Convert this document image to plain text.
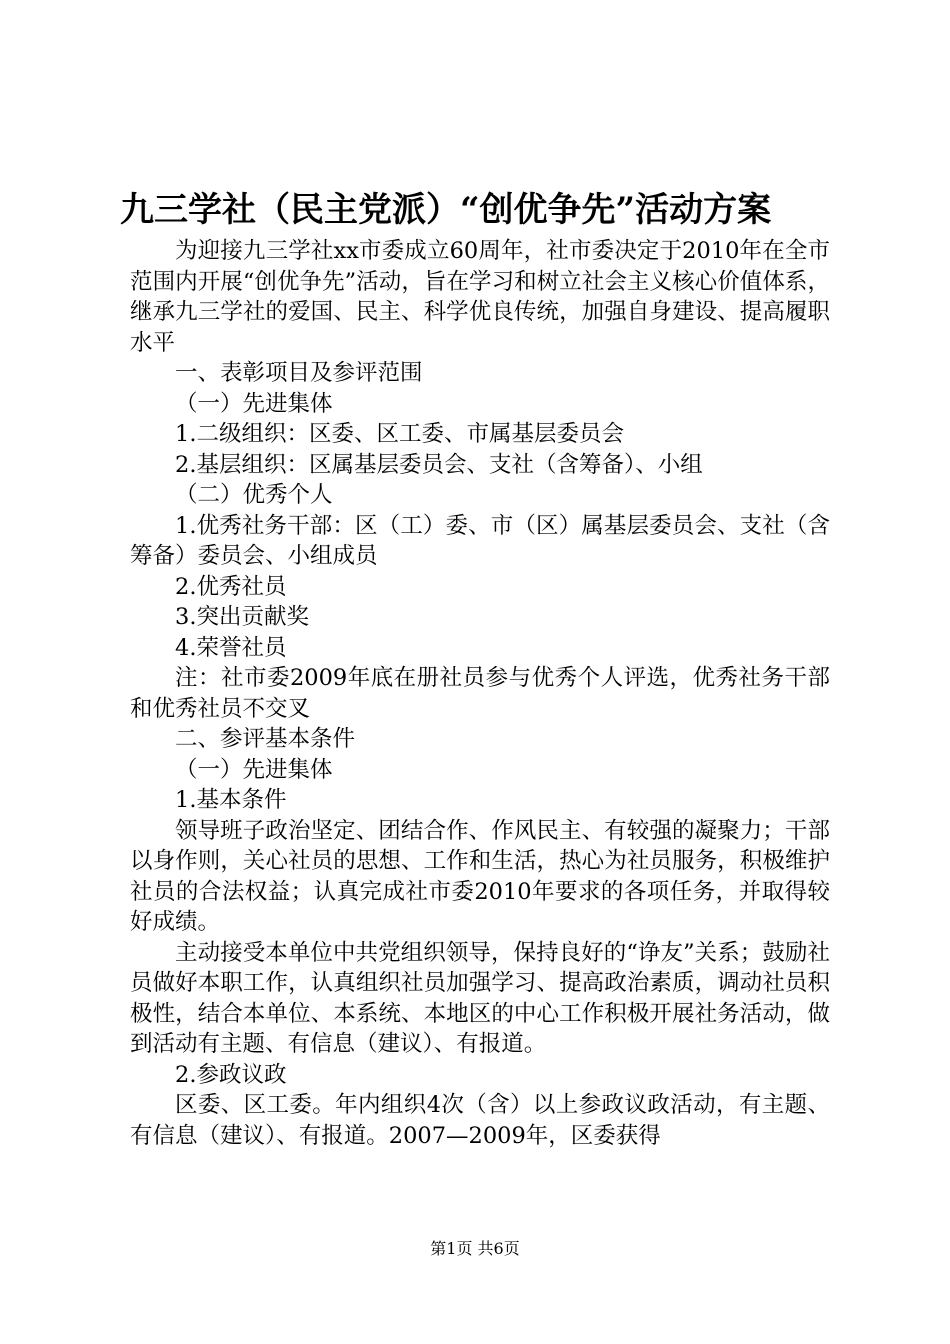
九三学社（民主党派）“创优争先”活动方案

为迎接九三学社xx市委成立60周年，社市委决定于2010年在全市范围内开展“创优争先”活动，旨在学习和树立社会主义核心价值体系，继承九三学社的爱国、民主、科学优良传统，加强自身建设、提高履职水平

一、表彰项目及参评范围

（一）先进集体

1.二级组织：区委、区工委、市属基层委员会

2.基层组织：区属基层委员会、支社（含筹备）、小组

（二）优秀个人

1.优秀社务干部：区（工）委、市（区）属基层委员会、支社（含筹备）委员会、小组成员

2.优秀社员

3.突出贡献奖

4.荣誉社员

注：社市委2009年底在册社员参与优秀个人评选，优秀社务干部和优秀社员不交叉

二、参评基本条件

（一）先进集体

1.基本条件

领导班子政治坚定、团结合作、作风民主、有较强的凝聚力；干部以身作则，关心社员的思想、工作和生活，热心为社员服务，积极维护社员的合法权益；认真完成社市委2010年要求的各项任务，并取得较好成绩。

主动接受本单位中共党组织领导，保持良好的“诤友”关系；鼓励社员做好本职工作，认真组织社员加强学习、提高政治素质，调动社员积极性，结合本单位、本系统、本地区的中心工作积极开展社务活动，做到活动有主题、有信息（建议）、有报道。

2.参政议政

区委、区工委。年内组织4次（含）以上参政议政活动，有主题、有信息（建议）、有报道。2007—2009年，区委获得

第1页 共6页
